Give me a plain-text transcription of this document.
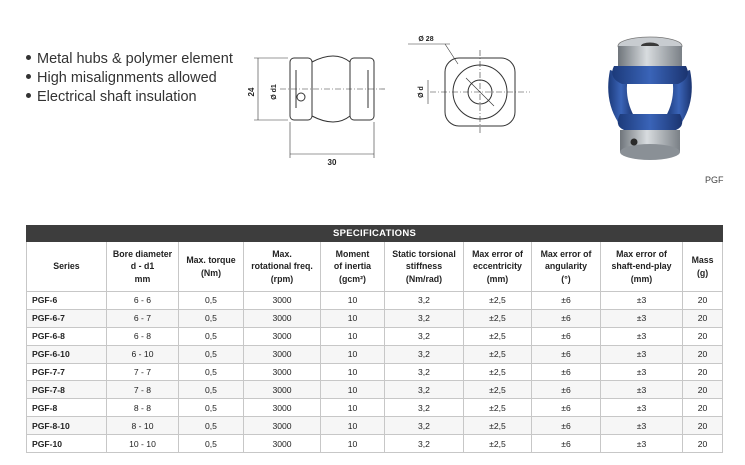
Metal hubs & polymer element
High misalignments allowed
Electrical shaft insulation
30
24 Ø d1	Ø d
Ø 28
PGF
SPECIFICATIONS									

Series	Bore diameter
d - d1
mm	Max. torque
(Nm)	Max.
rotational freq.
(rpm)	Moment
of inertia
(gcm²)	Static torsional
stiffness
(Nm/rad)	Max error of
eccentricity
(mm)	Max error of
angularity
(°)	Max error of
shaft-end-play
(mm)	Mass
(g)

PGF-6	6 - 6	0,5	3000	10	3,2	±2,5	±6	±3	20
PGF-6-7	6 - 7	0,5	3000	10	3,2	±2,5	±6	±3	20
PGF-6-8	6 - 8	0,5	3000	10	3,2	±2,5	±6	±3	20
PGF-6-10	6 - 10	0,5	3000	10	3,2	±2,5	±6	±3	20
PGF-7-7	7 - 7	0,5	3000	10	3,2	±2,5	±6	±3	20
PGF-7-8	7 - 8	0,5	3000	10	3,2	±2,5	±6	±3	20
PGF-8	8 - 8	0,5	3000	10	3,2	±2,5	±6	±3	20
PGF-8-10	8 - 10	0,5	3000	10	3,2	±2,5	±6	±3	20
PGF-10	10 - 10	0,5	3000	10	3,2	±2,5	±6	±3	20
